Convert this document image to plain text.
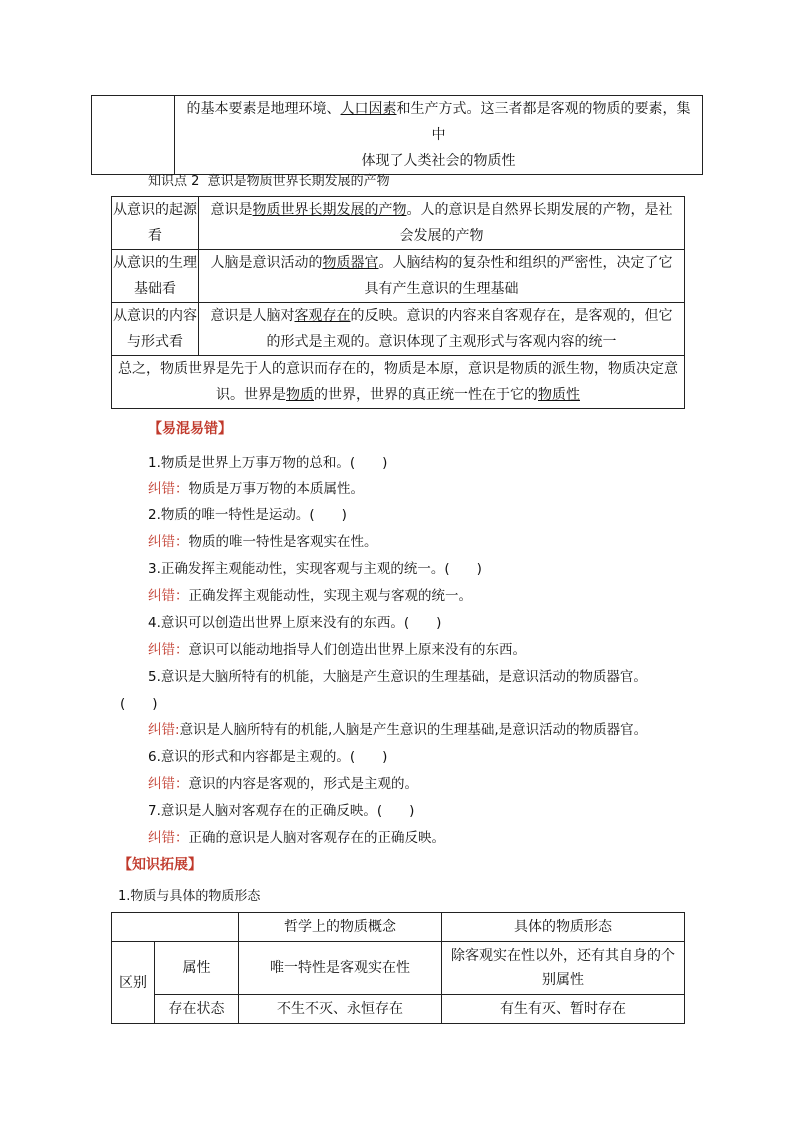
	的基本要素是地理环境、人口因素和生产方式。这三者都是客观的物质的要素，集中
体现了人类社会的物质性
知识点 2 意识是物质世界长期发展的产物
从意识的起源看	意识是物质世界长期发展的产物。人的意识是自然界长期发展的产物，是社会发展的产物
从意识的生理基础看	人脑是意识活动的物质器官。人脑结构的复杂性和组织的严密性，决定了它具有产生意识的生理基础
从意识的内容与形式看	意识是人脑对客观存在的反映。意识的内容来自客观存在，是客观的，但它的形式是主观的。意识体现了主观形式与客观内容的统一
总之，物质世界是先于人的意识而存在的，物质是本原，意识是物质的派生物，物质决定意识。世界是物质的世界，世界的真正统一性在于它的物质性	
【易混易错】
1.物质是世界上万事万物的总和。(　　)
纠错：物质是万事万物的本质属性。
2.物质的唯一特性是运动。(　　)
纠错：物质的唯一特性是客观实在性。
3.正确发挥主观能动性，实现客观与主观的统一。(　　)
纠错：正确发挥主观能动性，实现主观与客观的统一。
4.意识可以创造出世界上原来没有的东西。(　　)
纠错：意识可以能动地指导人们创造出世界上原来没有的东西。
5.意识是大脑所特有的机能，大脑是产生意识的生理基础，是意识活动的物质器官。
(　　)
纠错:意识是人脑所特有的机能,人脑是产生意识的生理基础,是意识活动的物质器官。
6.意识的形式和内容都是主观的。(　　)
纠错：意识的内容是客观的，形式是主观的。
7.意识是人脑对客观存在的正确反映。(　　)
纠错：正确的意识是人脑对客观存在的正确反映。
【知识拓展】
1.物质与具体的物质形态
		哲学上的物质概念	具体的物质形态
区别	属性	唯一特性是客观实在性	除客观实在性以外，还有其自身的个别属性
	存在状态	不生不灭、永恒存在	有生有灭、暂时存在
